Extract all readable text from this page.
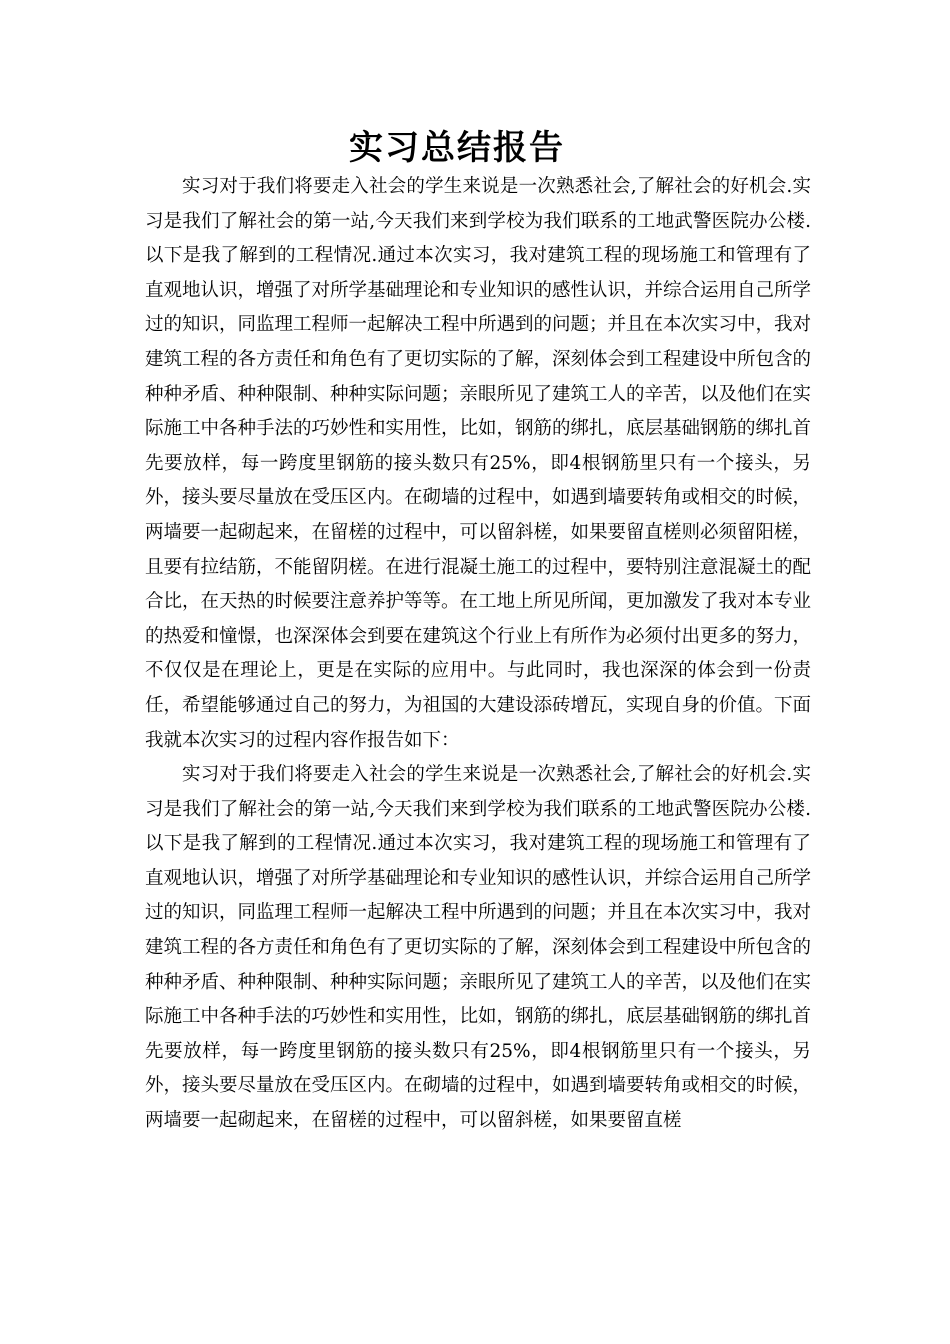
实习总结报告

实习对于我们将要走入社会的学生来说是一次熟悉社会,了解社会的好机会.实习是我们了解社会的第一站,今天我们来到学校为我们联系的工地武警医院办公楼.以下是我了解到的工程情况.通过本次实习，我对建筑工程的现场施工和管理有了直观地认识，增强了对所学基础理论和专业知识的感性认识，并综合运用自己所学过的知识，同监理工程师一起解决工程中所遇到的问题；并且在本次实习中，我对建筑工程的各方责任和角色有了更切实际的了解，深刻体会到工程建设中所包含的种种矛盾、种种限制、种种实际问题；亲眼所见了建筑工人的辛苦，以及他们在实际施工中各种手法的巧妙性和实用性，比如，钢筋的绑扎，底层基础钢筋的绑扎首先要放样，每一跨度里钢筋的接头数只有25%，即4根钢筋里只有一个接头，另外，接头要尽量放在受压区内。在砌墙的过程中，如遇到墙要转角或相交的时候，两墙要一起砌起来，在留槎的过程中，可以留斜槎，如果要留直槎则必须留阳槎，且要有拉结筋，不能留阴槎。在进行混凝土施工的过程中，要特别注意混凝土的配合比，在天热的时候要注意养护等等。在工地上所见所闻，更加激发了我对本专业的热爱和憧憬，也深深体会到要在建筑这个行业上有所作为必须付出更多的努力，不仅仅是在理论上，更是在实际的应用中。与此同时，我也深深的体会到一份责任，希望能够通过自己的努力，为祖国的大建设添砖增瓦，实现自身的价值。下面我就本次实习的过程内容作报告如下：

实习对于我们将要走入社会的学生来说是一次熟悉社会,了解社会的好机会.实习是我们了解社会的第一站,今天我们来到学校为我们联系的工地武警医院办公楼.以下是我了解到的工程情况.通过本次实习，我对建筑工程的现场施工和管理有了直观地认识，增强了对所学基础理论和专业知识的感性认识，并综合运用自己所学过的知识，同监理工程师一起解决工程中所遇到的问题；并且在本次实习中，我对建筑工程的各方责任和角色有了更切实际的了解，深刻体会到工程建设中所包含的种种矛盾、种种限制、种种实际问题；亲眼所见了建筑工人的辛苦，以及他们在实际施工中各种手法的巧妙性和实用性，比如，钢筋的绑扎，底层基础钢筋的绑扎首先要放样，每一跨度里钢筋的接头数只有25%，即4根钢筋里只有一个接头，另外，接头要尽量放在受压区内。在砌墙的过程中，如遇到墙要转角或相交的时候，两墙要一起砌起来，在留槎的过程中，可以留斜槎，如果要留直槎
